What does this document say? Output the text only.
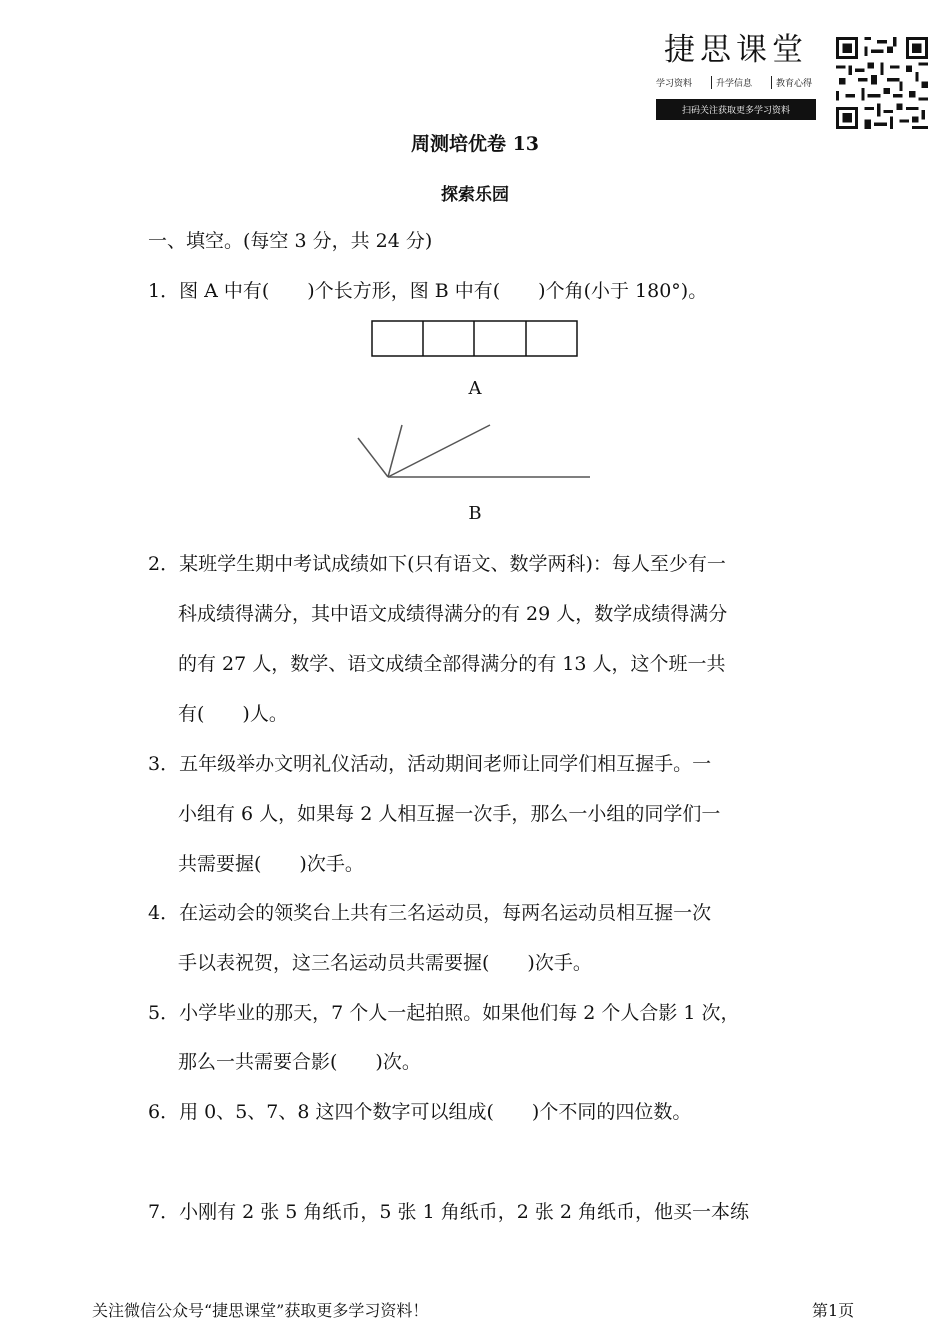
捷思课堂
学习资料	升学信息	教育心得
扫码关注获取更多学习资料
周测培优卷 13
探索乐园
一、填空。(每空 3 分，共 24 分)
1．图 A 中有(　　)个长方形，图 B 中有(　　)个角(小于 180°)。
A
B
2．某班学生期中考试成绩如下(只有语文、数学两科)：每人至少有一
科成绩得满分，其中语文成绩得满分的有 29 人，数学成绩得满分
的有 27 人，数学、语文成绩全部得满分的有 13 人，这个班一共
有(　　)人。
3．五年级举办文明礼仪活动，活动期间老师让同学们相互握手。一
小组有 6 人，如果每 2 人相互握一次手，那么一小组的同学们一
共需要握(　　)次手。
4．在运动会的领奖台上共有三名运动员，每两名运动员相互握一次
手以表祝贺，这三名运动员共需要握(　　)次手。
5．小学毕业的那天，7 个人一起拍照。如果他们每 2 个人合影 1 次，
那么一共需要合影(　　)次。
6．用 0、5、7、8 这四个数字可以组成(　　)个不同的四位数。
7．小刚有 2 张 5 角纸币，5 张 1 角纸币，2 张 2 角纸币，他买一本练
关注微信公众号“捷思课堂”获取更多学习资料！	第1页
